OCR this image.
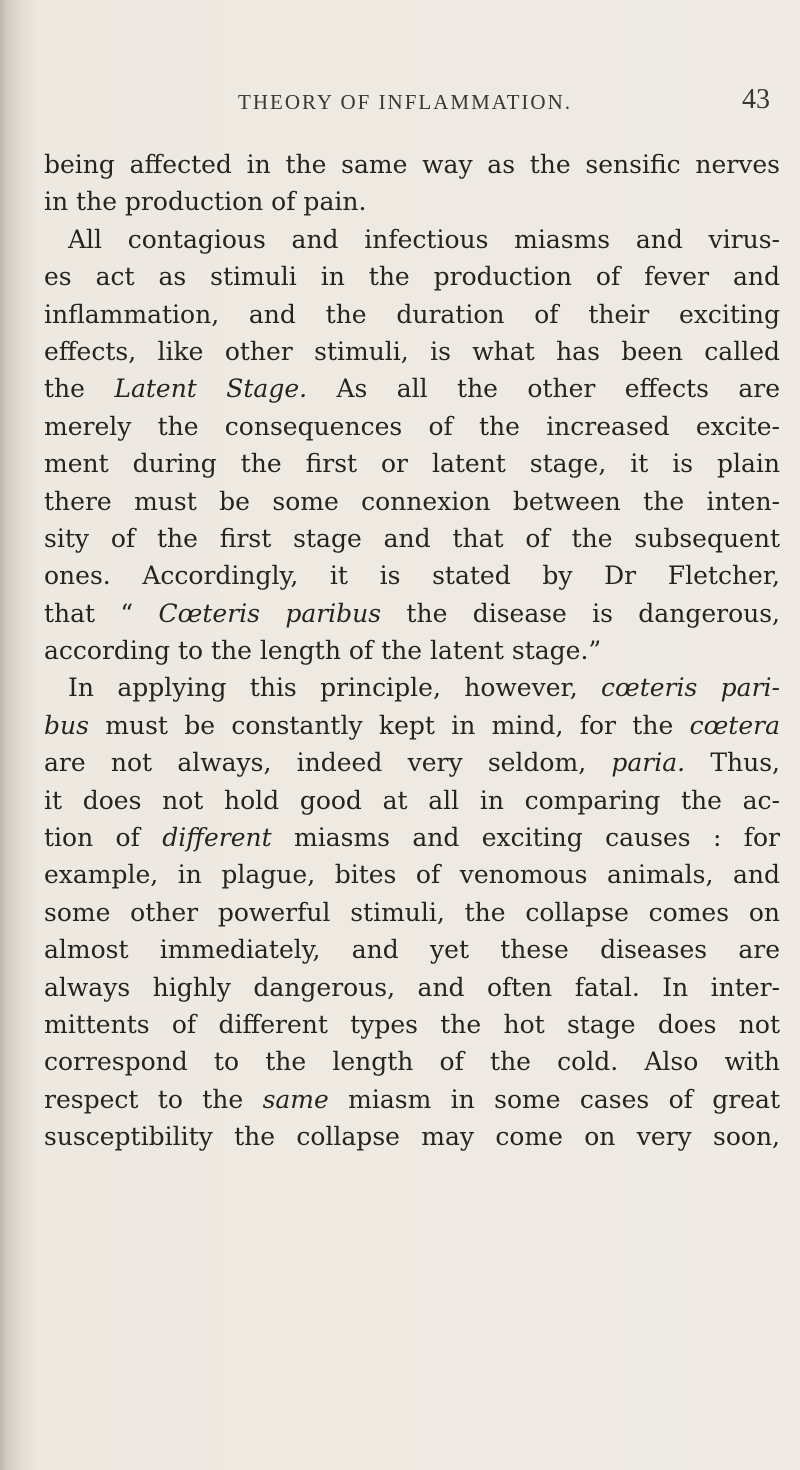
THEORY OF INFLAMMATION.	43
being affected in the same way as the sensific nerves
in the production of pain.
All contagious and infectious miasms and virus-
es act as stimuli in the production of fever and
inflammation, and the duration of their exciting
effects, like other stimuli, is what has been called
the Latent Stage. As all the other effects are
merely the consequences of the increased excite-
ment during the first or latent stage, it is plain
there must be some connexion between the inten-
sity of the first stage and that of the subsequent
ones. Accordingly, it is stated by Dr Fletcher,
that “ Cœteris paribus the disease is dangerous,
according to the length of the latent stage.”
In applying this principle, however, cœteris pari-
bus must be constantly kept in mind, for the cœtera
are not always, indeed very seldom, paria. Thus,
it does not hold good at all in comparing the ac-
tion of different miasms and exciting causes : for
example, in plague, bites of venomous animals, and
some other powerful stimuli, the collapse comes on
almost immediately, and yet these diseases are
always highly dangerous, and often fatal. In inter-
mittents of different types the hot stage does not
correspond to the length of the cold. Also with
respect to the same miasm in some cases of great
susceptibility the collapse may come on very soon,
